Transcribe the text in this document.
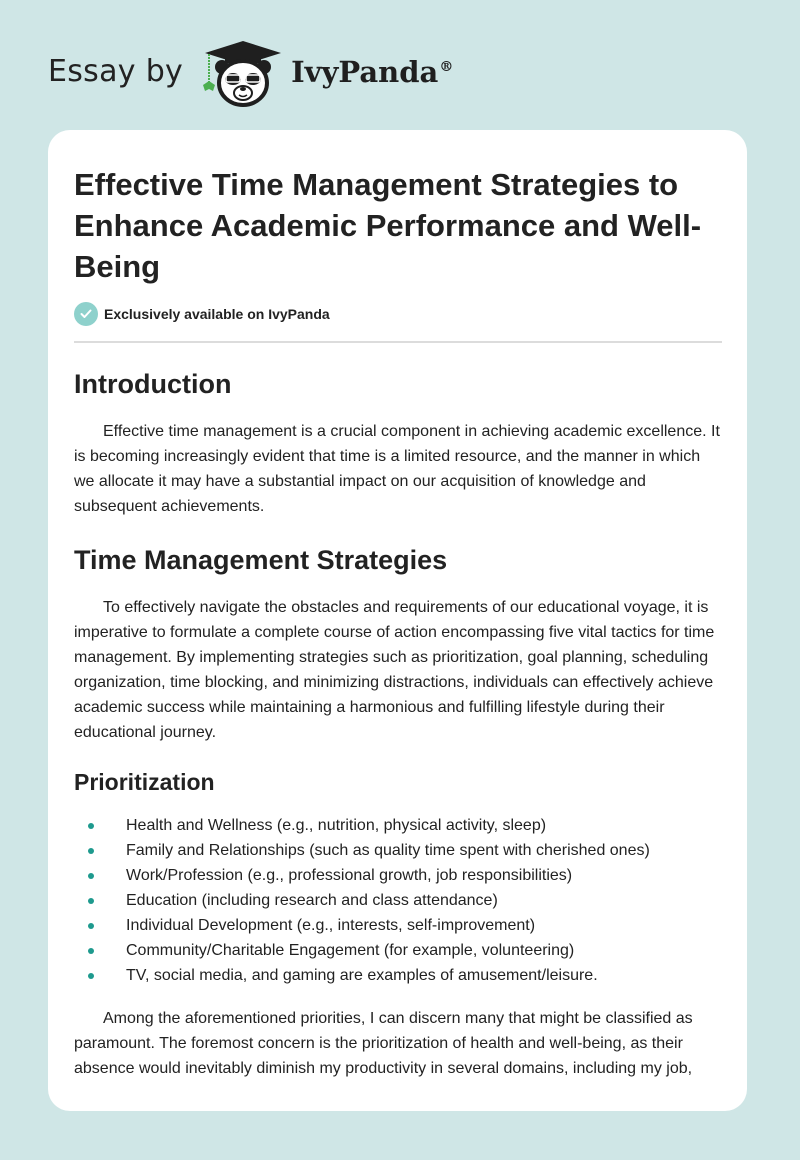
Essay by	IvyPanda®
Effective Time Management Strategies to Enhance Academic Performance and Well-Being
Exclusively available on IvyPanda
Introduction

Effective time management is a crucial component in achieving academic excellence. It is becoming increasingly evident that time is a limited resource, and the manner in which we allocate it may have a substantial impact on our acquisition of knowledge and subsequent achievements.

Time Management Strategies

To effectively navigate the obstacles and requirements of our educational voyage, it is imperative to formulate a complete course of action encompassing five vital tactics for time management. By implementing strategies such as prioritization, goal planning, scheduling organization, time blocking, and minimizing distractions, individuals can effectively achieve academic success while maintaining a harmonious and fulfilling lifestyle during their educational journey.

Prioritization
Health and Wellness (e.g., nutrition, physical activity, sleep)
Family and Relationships (such as quality time spent with cherished ones)
Work/Profession (e.g., professional growth, job responsibilities)
Education (including research and class attendance)
Individual Development (e.g., interests, self-improvement)
Community/Charitable Engagement (for example, volunteering)
TV, social media, and gaming are examples of amusement/leisure.

Among the aforementioned priorities, I can discern many that might be classified as paramount. The foremost concern is the prioritization of health and well-being, as their absence would inevitably diminish my productivity in several domains, including my job,
